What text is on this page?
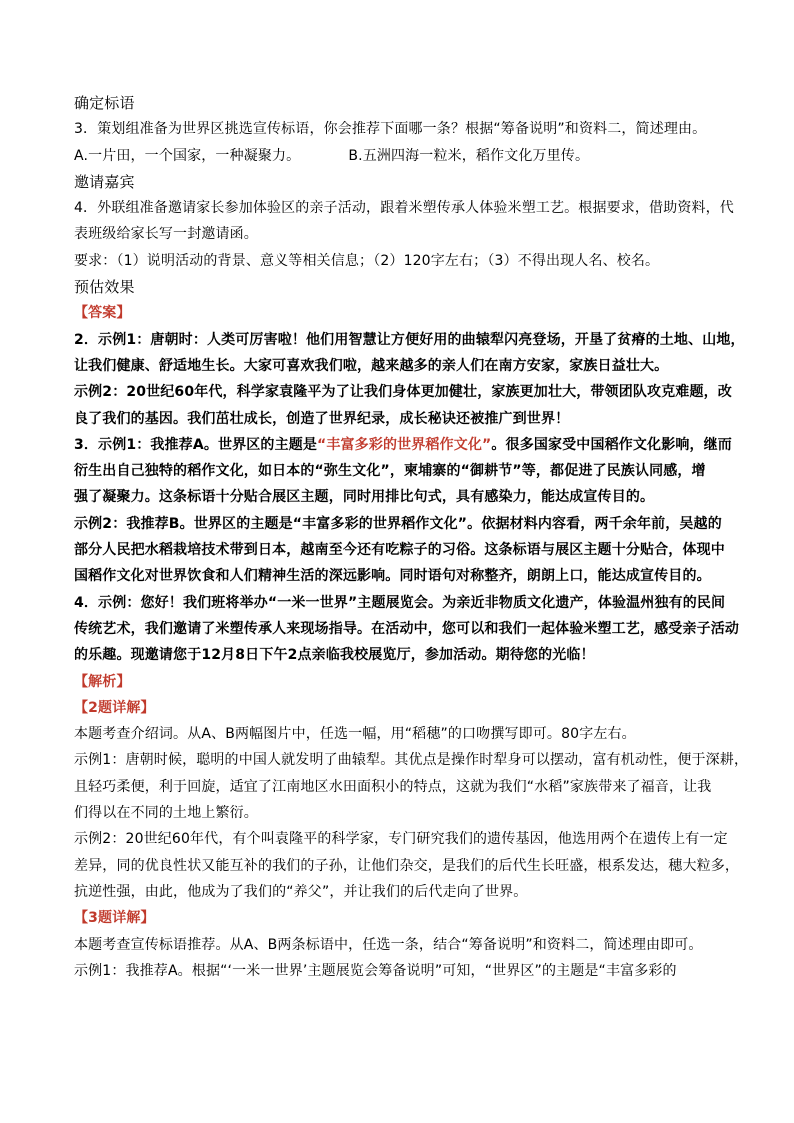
确定标语
3．策划组准备为世界区挑选宣传标语，你会推荐下面哪一条？根据“筹备说明”和资料二，简述理由。
A.一片田，一个国家，一种凝聚力。	B.五洲四海一粒米，稻作文化万里传。
邀请嘉宾
4．外联组准备邀请家长参加体验区的亲子活动，跟着米塑传承人体验米塑工艺。根据要求，借助资料，代
表班级给家长写一封邀请函。
要求：（1）说明活动的背景、意义等相关信息；（2）120字左右；（3）不得出现人名、校名。
预估效果
【答案】
2．示例1：唐朝时：人类可厉害啦！他们用智慧让方便好用的曲辕犁闪亮登场，开垦了贫瘠的土地、山地，
让我们健康、舒适地生长。大家可喜欢我们啦，越来越多的亲人们在南方安家，家族日益壮大。
示例2：20世纪60年代，科学家袁隆平为了让我们身体更加健壮，家族更加壮大，带领团队攻克难题，改
良了我们的基因。我们茁壮成长，创造了世界纪录，成长秘诀还被推广到世界！
3．示例1：我推荐A。世界区的主题是“丰富多彩的世界稻作文化”。很多国家受中国稻作文化影响，继而
衍生出自己独特的稻作文化，如日本的“弥生文化”，柬埔寨的“御耕节”等，都促进了民族认同感，增
强了凝聚力。这条标语十分贴合展区主题，同时用排比句式，具有感染力，能达成宣传目的。
示例2：我推荐B。世界区的主题是“丰富多彩的世界稻作文化”。依据材料内容看，两千余年前，吴越的
部分人民把水稻栽培技术带到日本，越南至今还有吃粽子的习俗。这条标语与展区主题十分贴合，体现中
国稻作文化对世界饮食和人们精神生活的深远影响。同时语句对称整齐，朗朗上口，能达成宣传目的。
4．示例：您好！我们班将举办“一米一世界”主题展览会。为亲近非物质文化遗产，体验温州独有的民间
传统艺术，我们邀请了米塑传承人来现场指导。在活动中，您可以和我们一起体验米塑工艺，感受亲子活动
的乐趣。现邀请您于12月8日下午2点亲临我校展览厅，参加活动。期待您的光临！
【解析】
【2题详解】
本题考查介绍词。从A、B两幅图片中，任选一幅，用“稻穗”的口吻撰写即可。80字左右。
示例1：唐朝时候，聪明的中国人就发明了曲辕犁。其优点是操作时犁身可以摆动，富有机动性，便于深耕，
且轻巧柔便，利于回旋，适宜了江南地区水田面积小的特点，这就为我们“水稻”家族带来了福音，让我
们得以在不同的土地上繁衍。
示例2：20世纪60年代，有个叫袁隆平的科学家，专门研究我们的遗传基因，他选用两个在遗传上有一定
差异，同的优良性状又能互补的我们的子孙，让他们杂交，是我们的后代生长旺盛，根系发达，穗大粒多，
抗逆性强，由此，他成为了我们的“养父”，并让我们的后代走向了世界。
【3题详解】
本题考查宣传标语推荐。从A、B两条标语中，任选一条，结合“筹备说明”和资料二，简述理由即可。
示例1：我推荐A。根据“‘一米一世界’主题展览会筹备说明”可知，“世界区”的主题是“丰富多彩的
